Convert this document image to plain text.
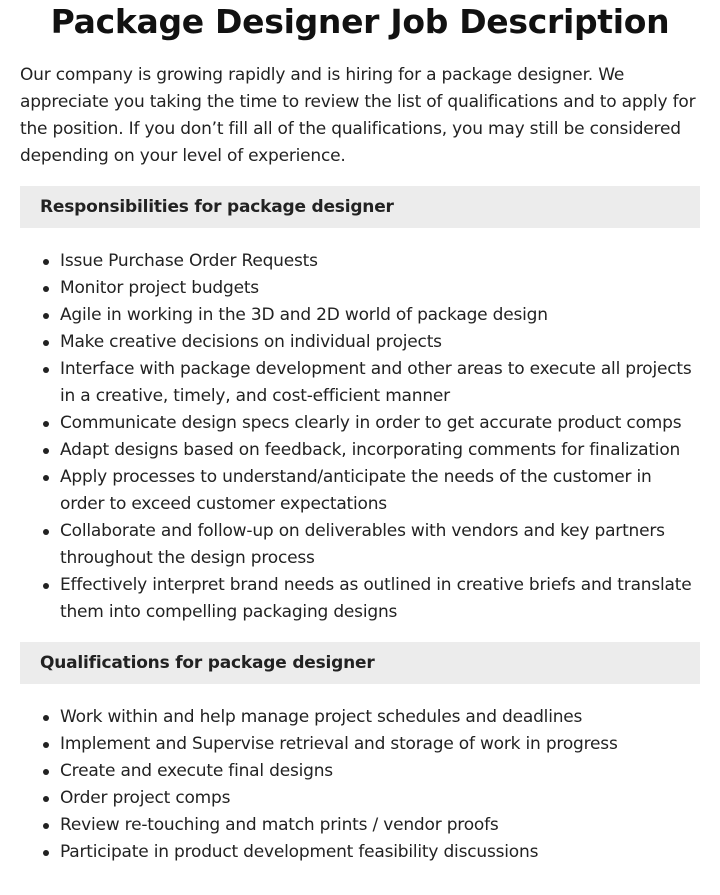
Package Designer Job Description

Our company is growing rapidly and is hiring for a package designer. We appreciate you taking the time to review the list of qualifications and to apply for the position. If you don’t fill all of the qualifications, you may still be considered depending on your level of experience.

Responsibilities for package designer
Issue Purchase Order Requests
Monitor project budgets
Agile in working in the 3D and 2D world of package design
Make creative decisions on individual projects
Interface with package development and other areas to execute all projects in a creative, timely, and cost-efficient manner
Communicate design specs clearly in order to get accurate product comps
Adapt designs based on feedback, incorporating comments for finalization
Apply processes to understand/anticipate the needs of the customer in order to exceed customer expectations
Collaborate and follow-up on deliverables with vendors and key partners throughout the design process
Effectively interpret brand needs as outlined in creative briefs and translate them into compelling packaging designs
Qualifications for package designer
Work within and help manage project schedules and deadlines
Implement and Supervise retrieval and storage of work in progress
Create and execute final designs
Order project comps
Review re-touching and match prints / vendor proofs
Participate in product development feasibility discussions
